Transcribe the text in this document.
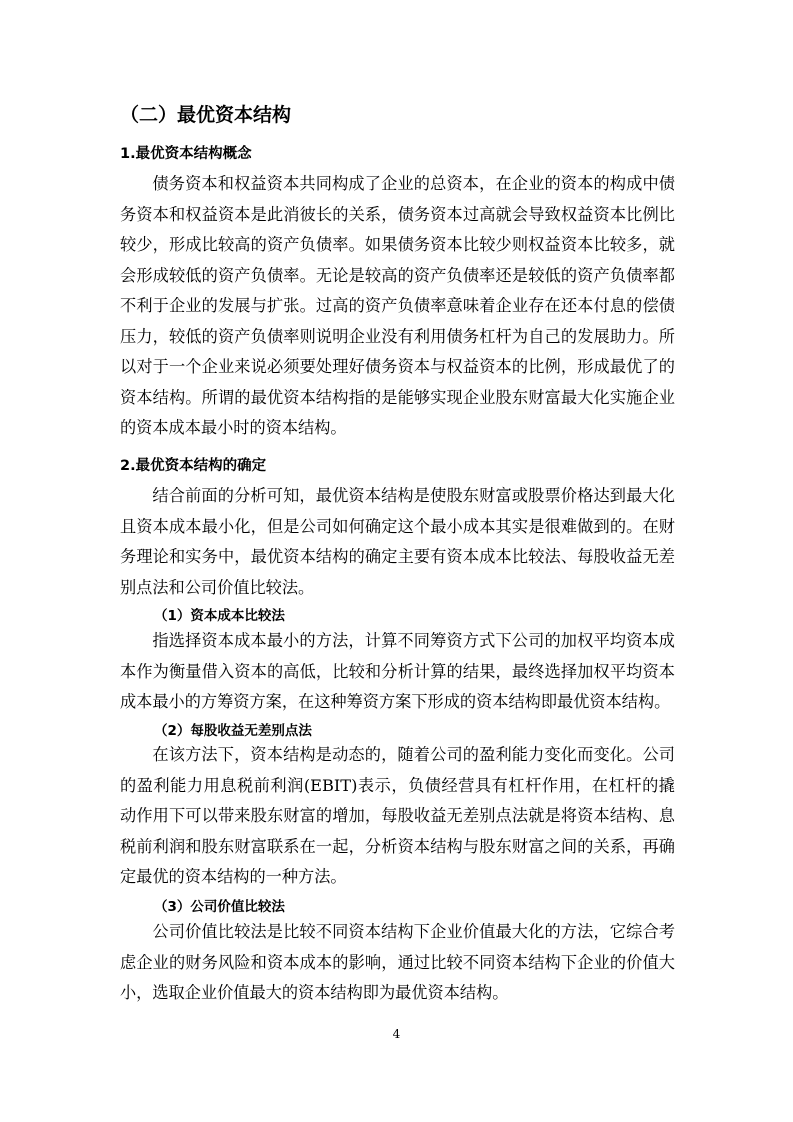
（二）最优资本结构
1.最优资本结构概念

债务资本和权益资本共同构成了企业的总资本，在企业的资本的构成中债务资本和权益资本是此消彼长的关系，债务资本过高就会导致权益资本比例比较少，形成比较高的资产负债率。如果债务资本比较少则权益资本比较多，就会形成较低的资产负债率。无论是较高的资产负债率还是较低的资产负债率都不利于企业的发展与扩张。过高的资产负债率意味着企业存在还本付息的偿债压力，较低的资产负债率则说明企业没有利用债务杠杆为自己的发展助力。所以对于一个企业来说必须要处理好债务资本与权益资本的比例，形成最优了的资本结构。所谓的最优资本结构指的是能够实现企业股东财富最大化实施企业的资本成本最小时的资本结构。

2.最优资本结构的确定

结合前面的分析可知，最优资本结构是使股东财富或股票价格达到最大化且资本成本最小化，但是公司如何确定这个最小成本其实是很难做到的。在财务理论和实务中，最优资本结构的确定主要有资本成本比较法、每股收益无差别点法和公司价值比较法。

（1）资本成本比较法

指选择资本成本最小的方法，计算不同筹资方式下公司的加权平均资本成本作为衡量借入资本的高低，比较和分析计算的结果，最终选择加权平均资本成本最小的方筹资方案，在这种筹资方案下形成的资本结构即最优资本结构。

（2）每股收益无差别点法

在该方法下，资本结构是动态的，随着公司的盈利能力变化而变化。公司的盈利能力用息税前利润(EBIT)表示，负债经营具有杠杆作用，在杠杆的撬动作用下可以带来股东财富的增加，每股收益无差别点法就是将资本结构、息税前利润和股东财富联系在一起，分析资本结构与股东财富之间的关系，再确定最优的资本结构的一种方法。

（3）公司价值比较法

公司价值比较法是比较不同资本结构下企业价值最大化的方法，它综合考虑企业的财务风险和资本成本的影响，通过比较不同资本结构下企业的价值大小，选取企业价值最大的资本结构即为最优资本结构。

4
